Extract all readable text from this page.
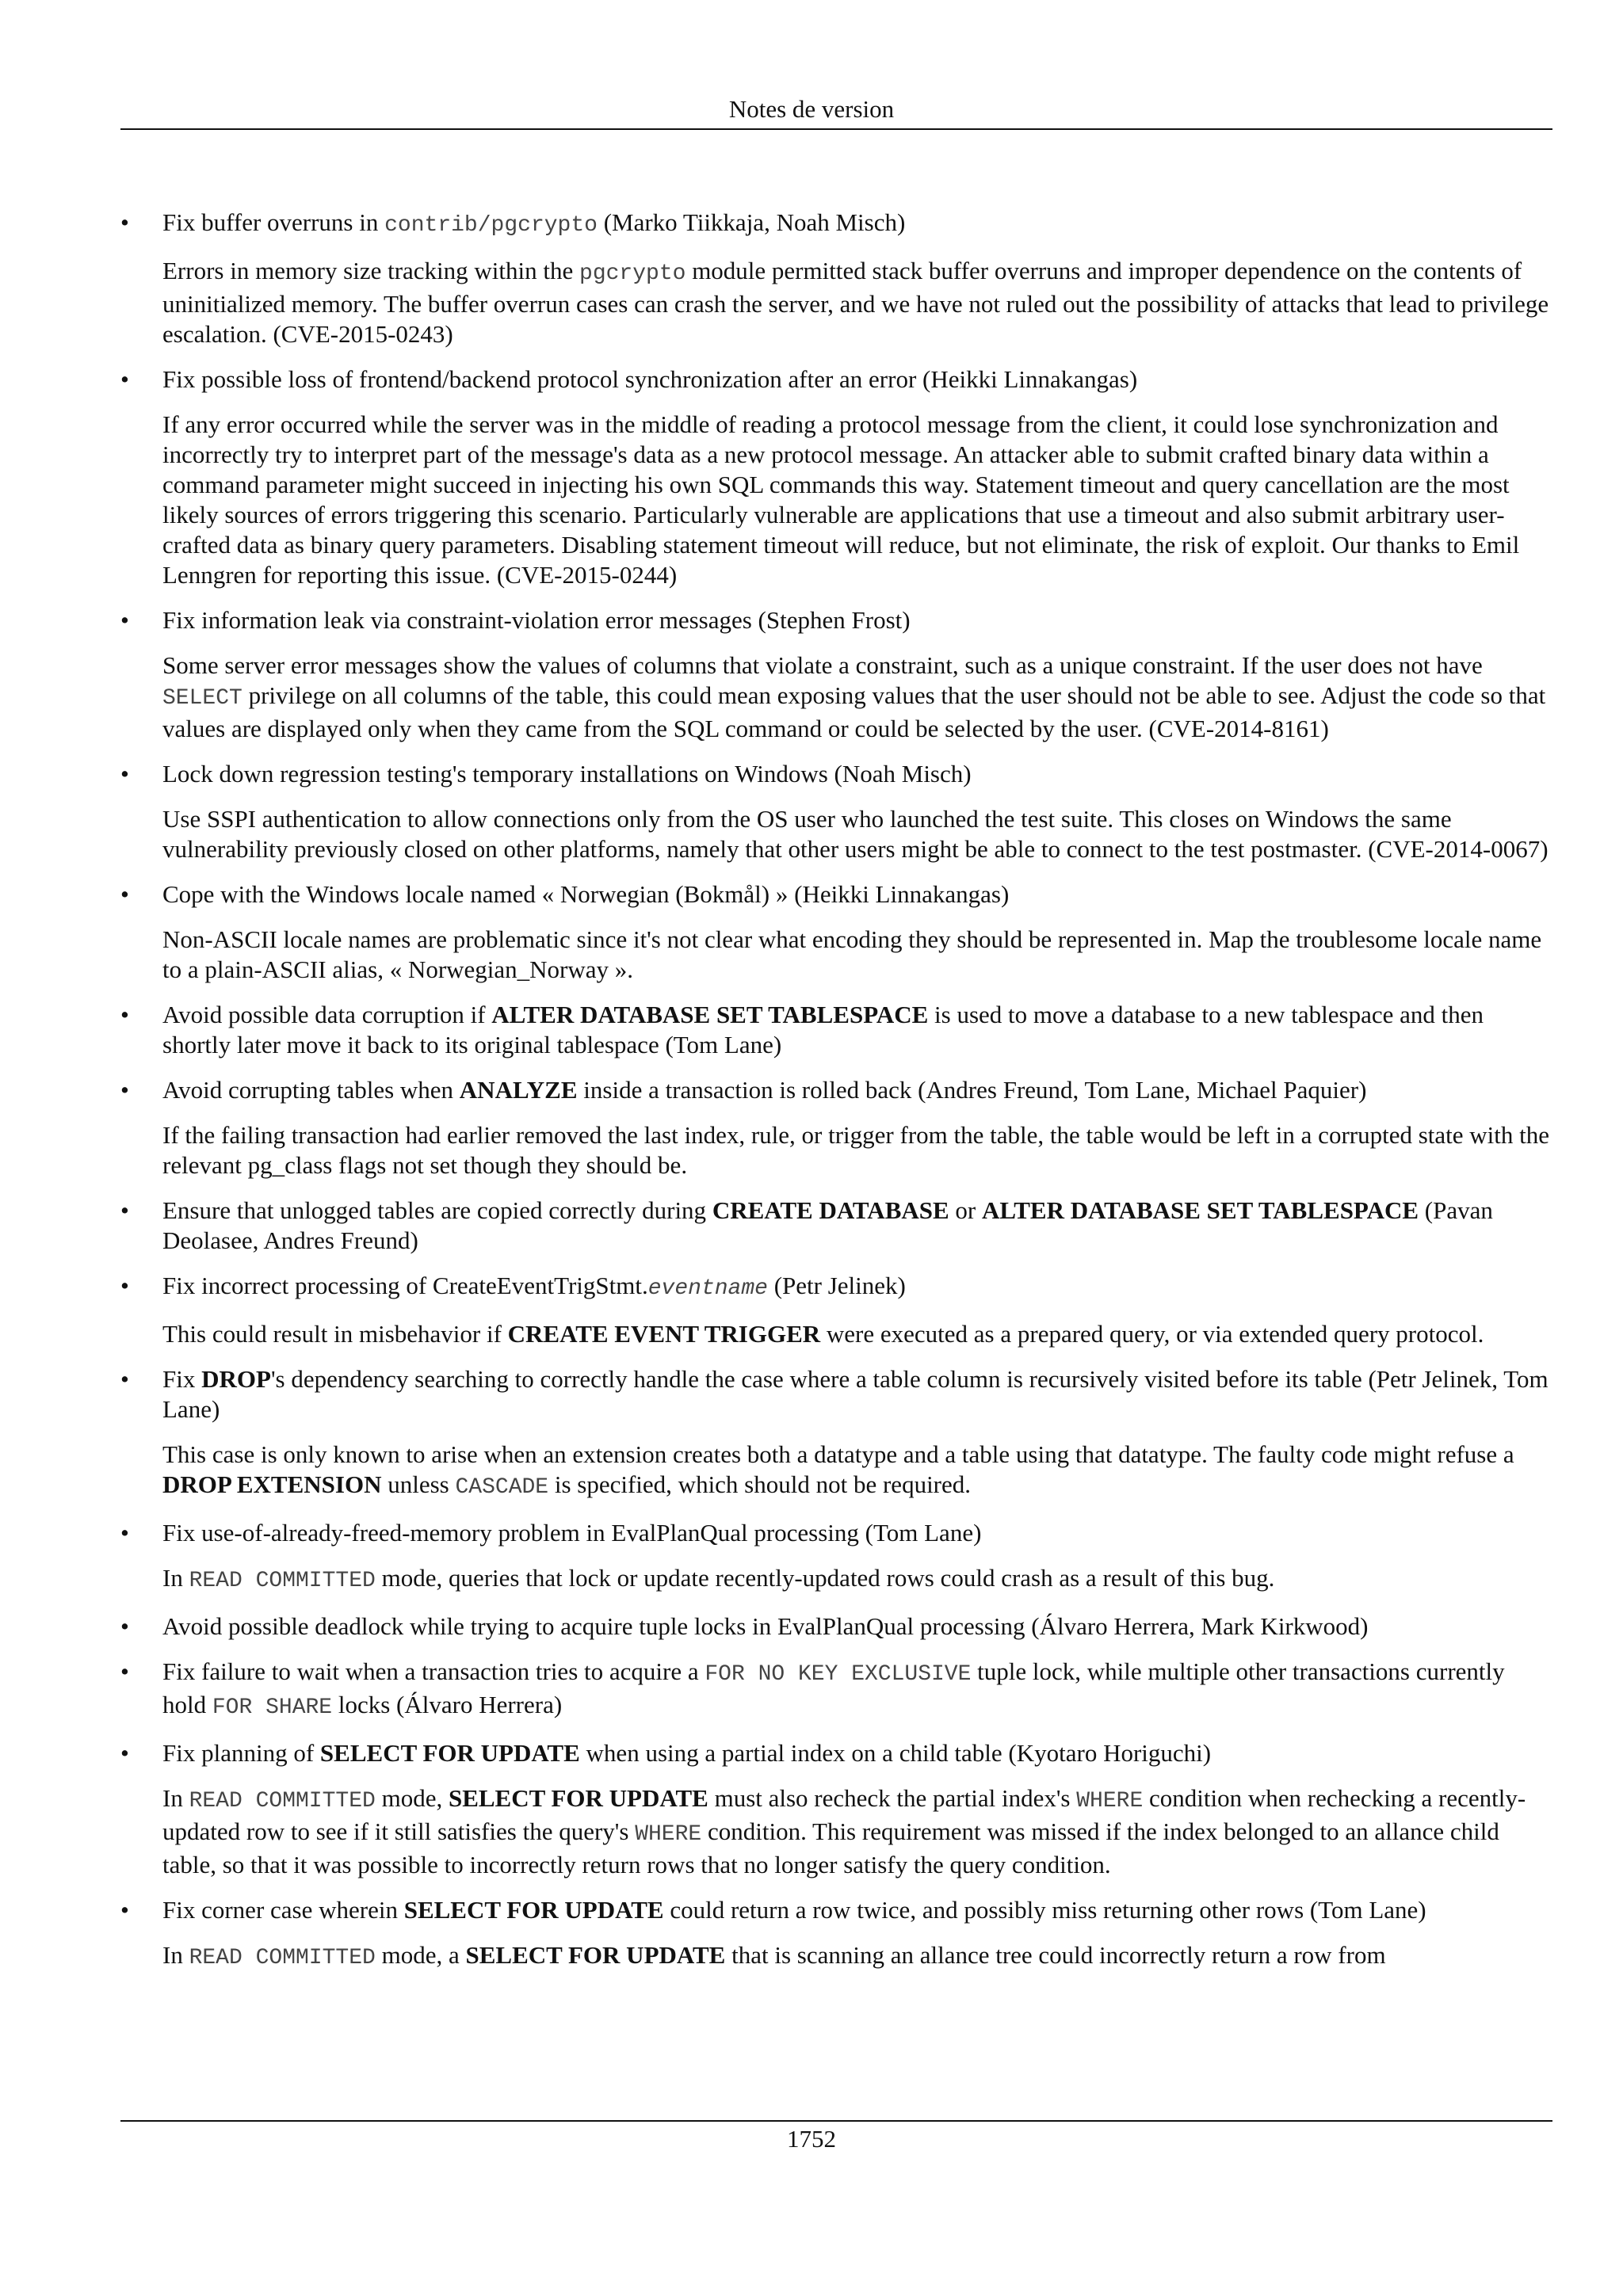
Notes de version
•	Fix buffer overruns in contrib/pgcrypto (Marko Tiikkaja, Noah Misch)

Errors in memory size tracking within the pgcrypto module permitted stack buffer overruns and improper dependence on the contents of uninitialized memory. The buffer overrun cases can crash the server, and we have not ruled out the possibility of attacks that lead to privilege escalation. (CVE-2015-0243)

•	Fix possible loss of frontend/backend protocol synchronization after an error (Heikki Linnakangas)

If any error occurred while the server was in the middle of reading a protocol message from the client, it could lose synchronization and incorrectly try to interpret part of the message's data as a new protocol message. An attacker able to submit crafted binary data within a command parameter might succeed in injecting his own SQL commands this way. Statement timeout and query cancellation are the most likely sources of errors triggering this scenario. Particularly vulnerable are applications that use a timeout and also submit arbitrary user-crafted data as binary query parameters. Disabling statement timeout will reduce, but not eliminate, the risk of exploit. Our thanks to Emil Lenngren for reporting this issue. (CVE-2015-0244)

•	Fix information leak via constraint-violation error messages (Stephen Frost)

Some server error messages show the values of columns that violate a constraint, such as a unique constraint. If the user does not have SELECT privilege on all columns of the table, this could mean exposing values that the user should not be able to see. Adjust the code so that values are displayed only when they came from the SQL command or could be selected by the user. (CVE-2014-8161)

•	Lock down regression testing's temporary installations on Windows (Noah Misch)

Use SSPI authentication to allow connections only from the OS user who launched the test suite. This closes on Windows the same vulnerability previously closed on other platforms, namely that other users might be able to connect to the test postmaster. (CVE-2014-0067)

•	Cope with the Windows locale named « Norwegian (Bokmål) » (Heikki Linnakangas)

Non-ASCII locale names are problematic since it's not clear what encoding they should be represented in. Map the troublesome locale name to a plain-ASCII alias, « Norwegian_Norway ».

•	Avoid possible data corruption if ALTER DATABASE SET TABLESPACE is used to move a database to a new tablespace and then shortly later move it back to its original tablespace (Tom Lane)

•	Avoid corrupting tables when ANALYZE inside a transaction is rolled back (Andres Freund, Tom Lane, Michael Paquier)

If the failing transaction had earlier removed the last index, rule, or trigger from the table, the table would be left in a corrupted state with the relevant pg_class flags not set though they should be.

•	Ensure that unlogged tables are copied correctly during CREATE DATABASE or ALTER DATABASE SET TABLESPACE (Pavan Deolasee, Andres Freund)

•	Fix incorrect processing of CreateEventTrigStmt.eventname (Petr Jelinek)

This could result in misbehavior if CREATE EVENT TRIGGER were executed as a prepared query, or via extended query protocol.

•	Fix DROP's dependency searching to correctly handle the case where a table column is recursively visited before its table (Petr Jelinek, Tom Lane)

This case is only known to arise when an extension creates both a datatype and a table using that datatype. The faulty code might refuse a DROP EXTENSION unless CASCADE is specified, which should not be required.

•	Fix use-of-already-freed-memory problem in EvalPlanQual processing (Tom Lane)

In READ COMMITTED mode, queries that lock or update recently-updated rows could crash as a result of this bug.

•	Avoid possible deadlock while trying to acquire tuple locks in EvalPlanQual processing (Álvaro Herrera, Mark Kirkwood)

•	Fix failure to wait when a transaction tries to acquire a FOR NO KEY EXCLUSIVE tuple lock, while multiple other transactions currently hold FOR SHARE locks (Álvaro Herrera)

•	Fix planning of SELECT FOR UPDATE when using a partial index on a child table (Kyotaro Horiguchi)

In READ COMMITTED mode, SELECT FOR UPDATE must also recheck the partial index's WHERE condition when rechecking a recently-updated row to see if it still satisfies the query's WHERE condition. This requirement was missed if the index belonged to an allance child table, so that it was possible to incorrectly return rows that no longer satisfy the query condition.

•	Fix corner case wherein SELECT FOR UPDATE could return a row twice, and possibly miss returning other rows (Tom Lane)

In READ COMMITTED mode, a SELECT FOR UPDATE that is scanning an allance tree could incorrectly return a row from

1752
